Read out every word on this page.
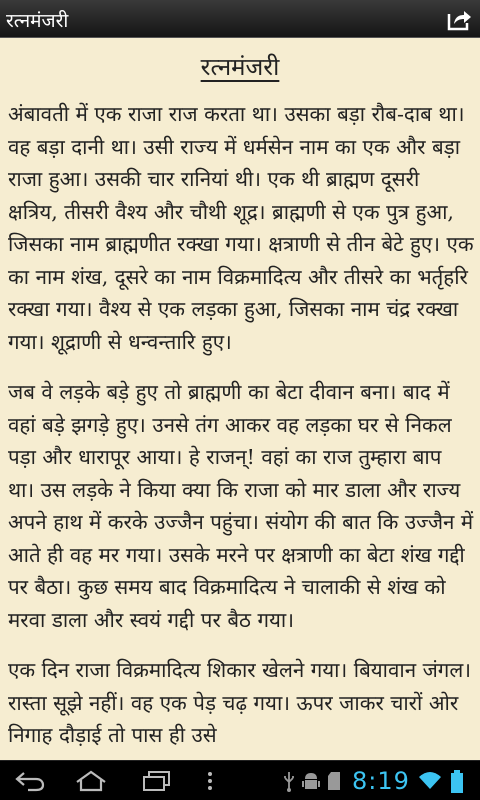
रत्नमंजरी
रत्नमंजरी

अंबावती में एक राजा राज करता था। उसका बड़ा रौब-दाब था। वह बड़ा दानी था। उसी राज्य में धर्मसेन नाम का एक और बड़ा राजा हुआ। उसकी चार रानियां थी। एक थी ब्राह्मण दूसरी क्षत्रिय, तीसरी वैश्य और चौथी शूद्र। ब्राह्मणी से एक पुत्र हुआ, जिसका नाम ब्राह्मणीत रक्खा गया। क्षत्राणी से तीन बेटे हुए। एक का नाम शंख, दूसरे का नाम विक्रमादित्य और तीसरे का भर्तृहरि रक्खा गया। वैश्य से एक लड़का हुआ, जिसका नाम चंद्र रक्खा गया। शूद्राणी से धन्वन्तारि हुए।

जब वे लड़के बड़े हुए तो ब्राह्मणी का बेटा दीवान बना। बाद में वहां बड़े झगड़े हुए। उनसे तंग आकर वह लड़का घर से निकल पड़ा और धारापूर आया। हे राजन्! वहां का राज तुम्हारा बाप था। उस लड़के ने किया क्या कि राजा को मार डाला और राज्य अपने हाथ में करके उज्जैन पहुंचा। संयोग की बात कि उज्जैन में आते ही वह मर गया। उसके मरने पर क्षत्राणी का बेटा शंख गद्दी पर बैठा। कुछ समय बाद विक्रमादित्य ने चालाकी से शंख को मरवा डाला और स्वयं गद्दी पर बैठ गया।

एक दिन राजा विक्रमादित्य शिकार खेलने गया। बियावान जंगल। रास्ता सूझे नहीं। वह एक पेड़ चढ़ गया। ऊपर जाकर चारों ओर निगाह दौड़ाई तो पास ही उसे

8:19
